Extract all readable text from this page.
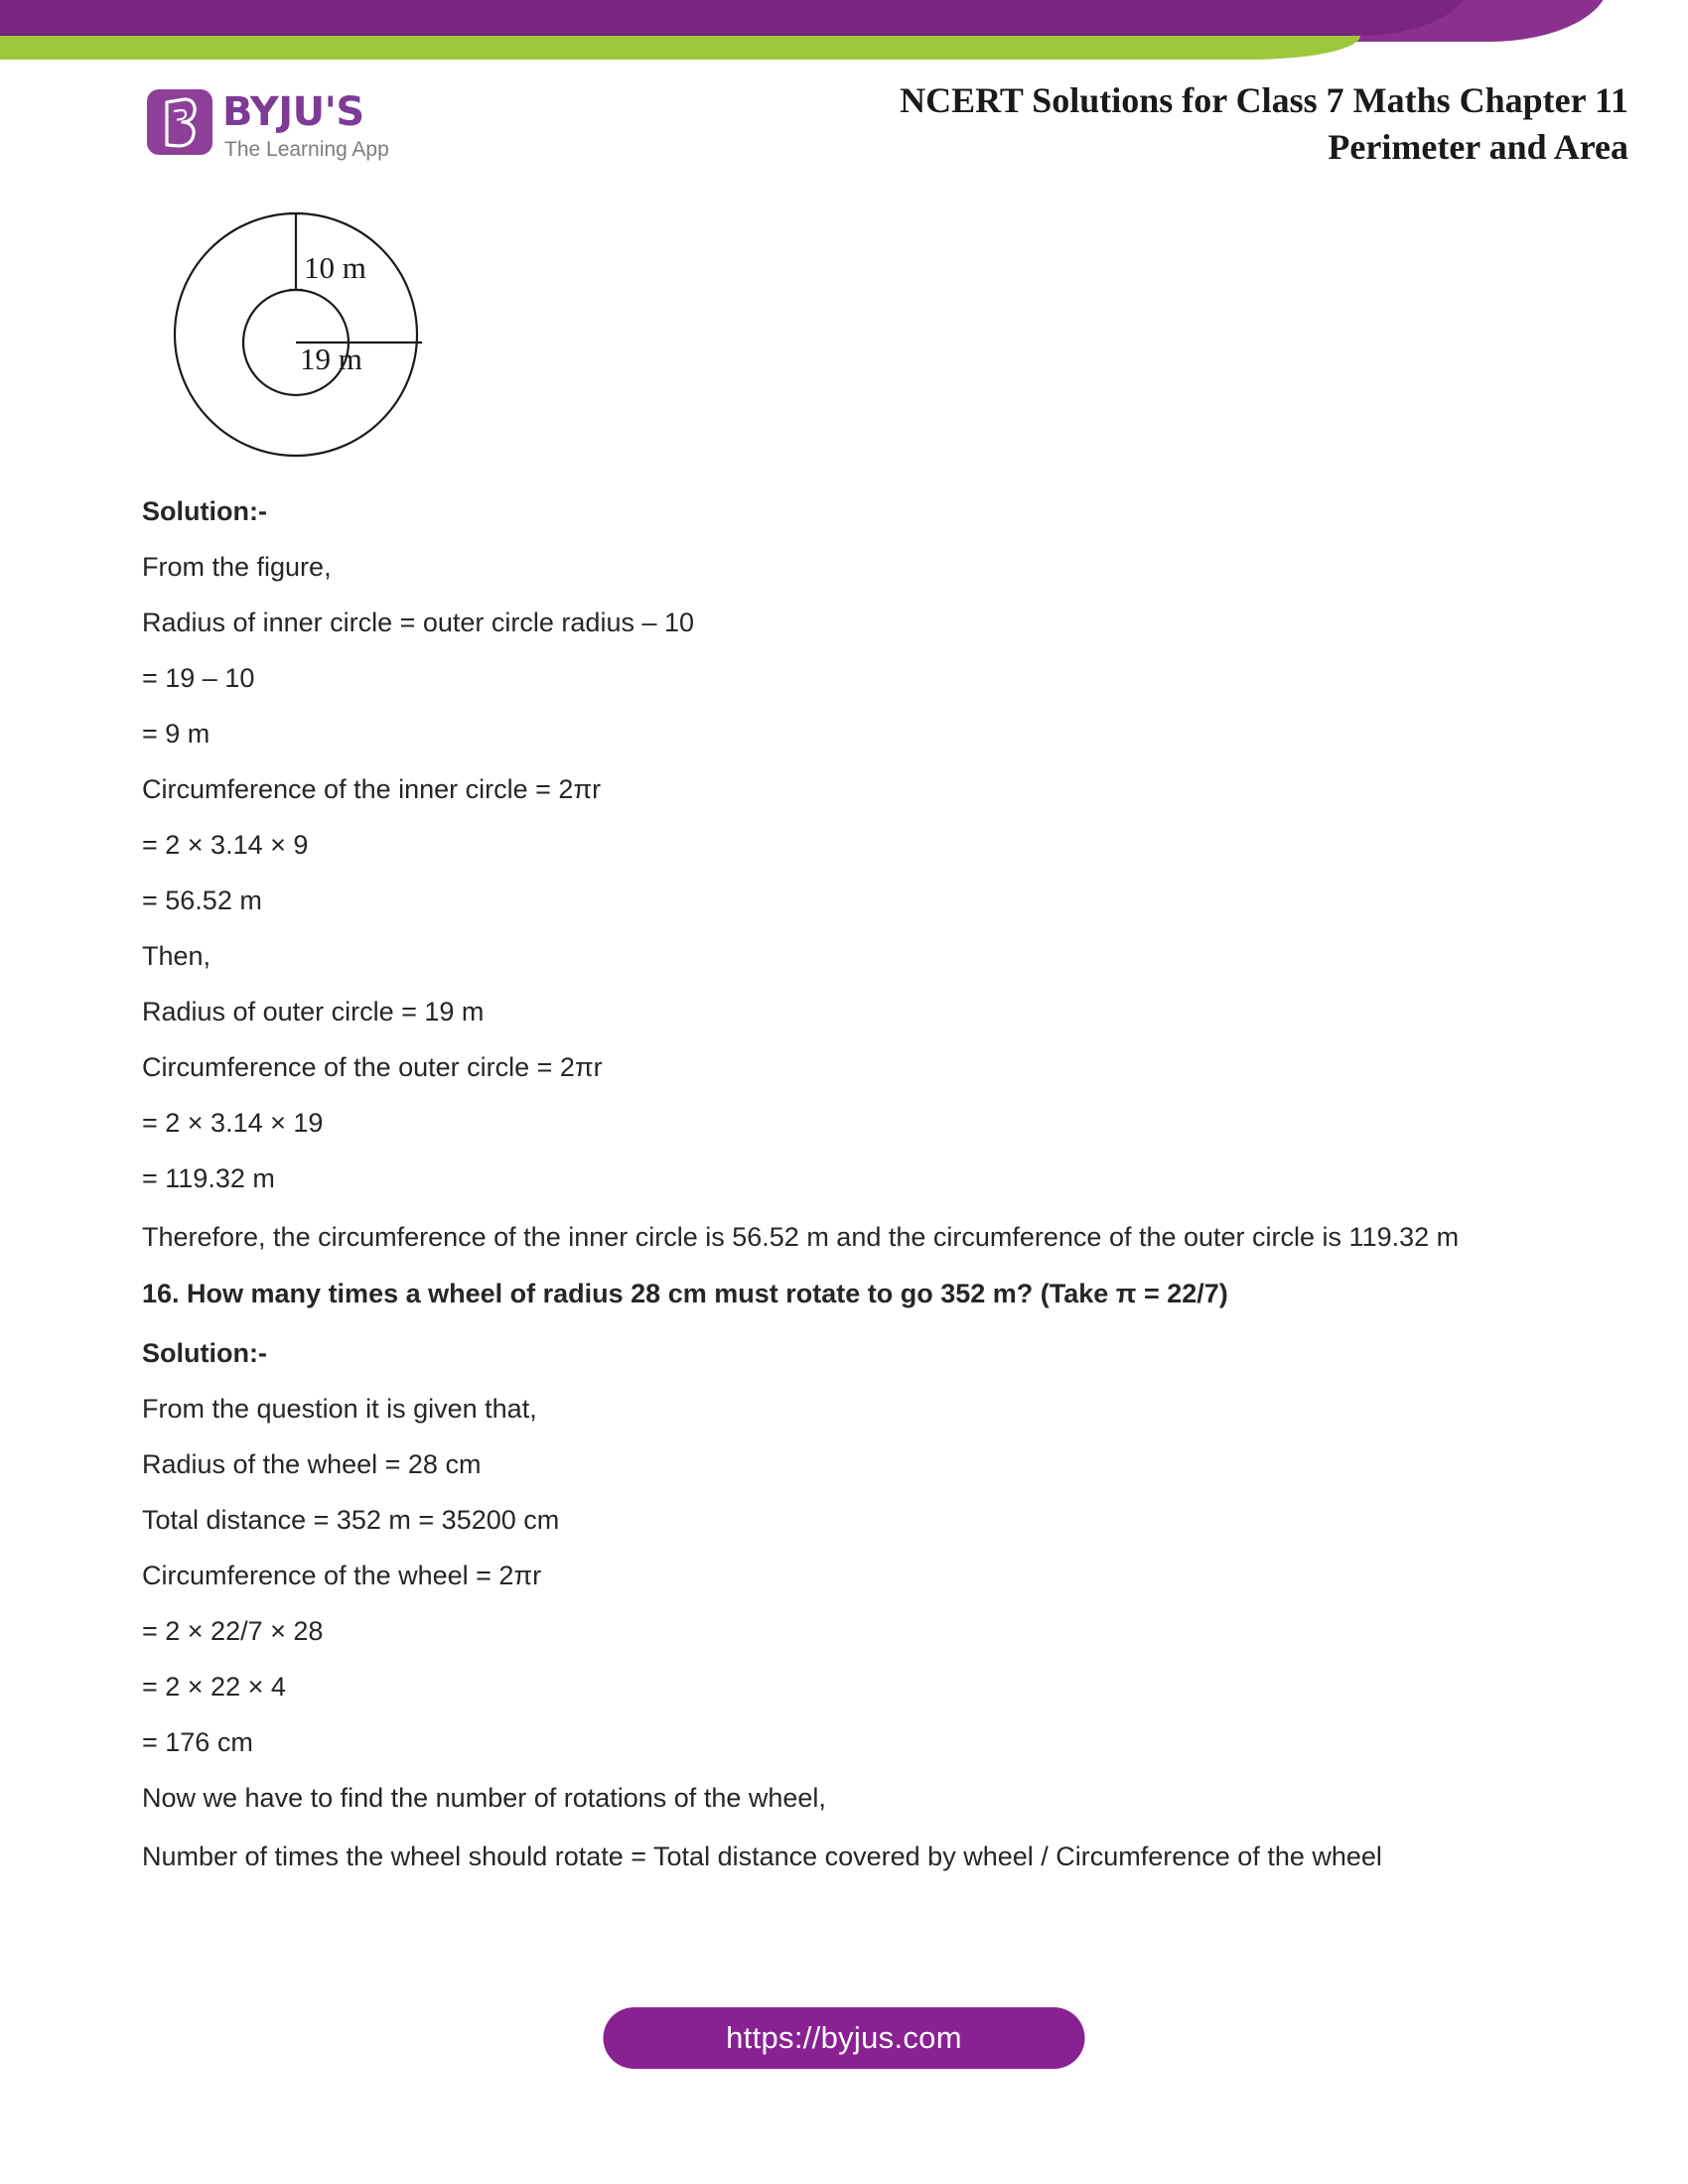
BYJU'S
The Learning App
NCERT Solutions for Class 7 Maths Chapter 11
Perimeter and Area
10 m
19 m
Solution:-
From the figure,
Radius of inner circle = outer circle radius – 10
= 19 – 10
= 9 m
Circumference of the inner circle = 2πr
= 2 × 3.14 × 9
= 56.52 m
Then,
Radius of outer circle = 19 m
Circumference of the outer circle = 2πr
= 2 × 3.14 × 19
= 119.32 m
Therefore, the circumference of the inner circle is 56.52 m and the circumference of the outer circle is 119.32 m
16. How many times a wheel of radius 28 cm must rotate to go 352 m? (Take π = 22/7)
Solution:-
From the question it is given that,
Radius of the wheel = 28 cm
Total distance = 352 m = 35200 cm
Circumference of the wheel = 2πr
= 2 × 22/7 × 28
= 2 × 22 × 4
= 176 cm
Now we have to find the number of rotations of the wheel,
Number of times the wheel should rotate = Total distance covered by wheel / Circumference of the wheel
https://byjus.com
